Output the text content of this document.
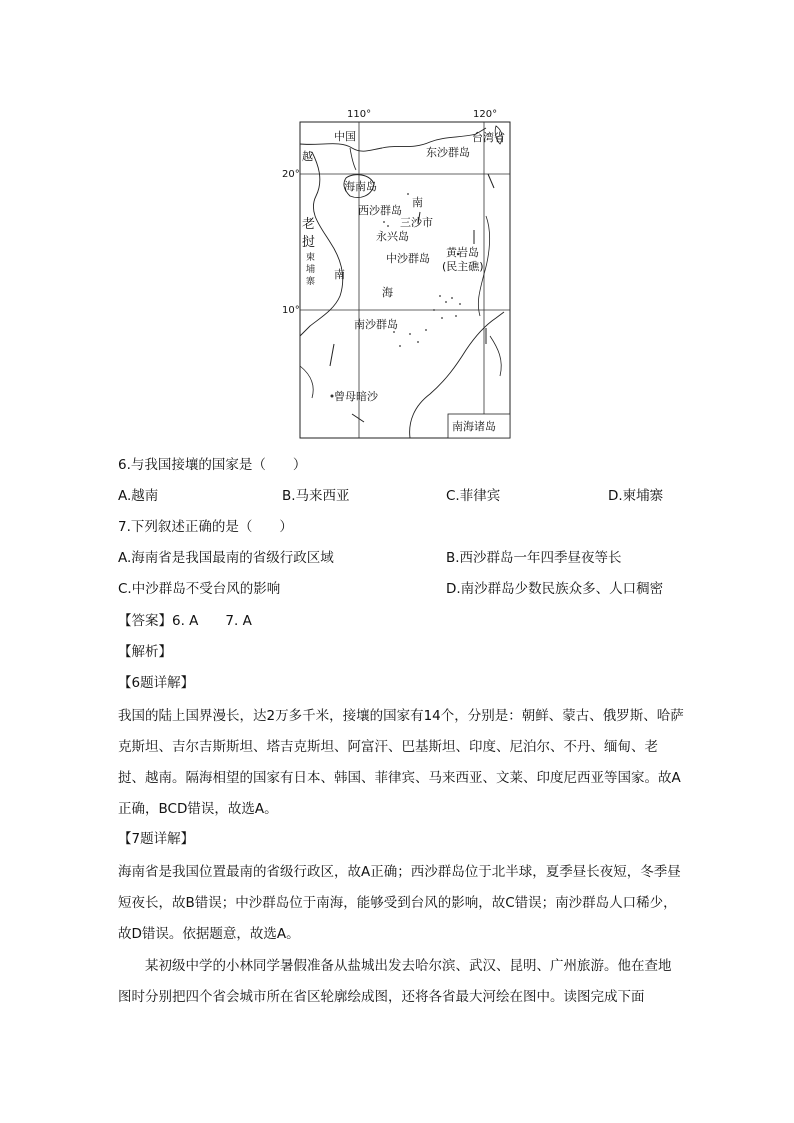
110°	120°
20°
10°
中国	台湾省
越	东沙群岛
海南岛
南
西沙群岛
三沙市
永兴岛
老
挝
柬
埔
寨
南
中沙群岛 黄岩岛
(民主礁)
海
南沙群岛
曾母暗沙
南海诸岛
6.与我国接壤的国家是（　　）
A.越南	B.马来西亚	C.菲律宾	D.柬埔寨
7.下列叙述正确的是（　　）
A.海南省是我国最南的省级行政区域	B.西沙群岛一年四季昼夜等长
C.中沙群岛不受台风的影响	D.南沙群岛少数民族众多、人口稠密
【答案】6. A　　7. A
【解析】
【6题详解】
我国的陆上国界漫长，达2万多千米，接壤的国家有14个，分别是：朝鲜、蒙古、俄罗斯、哈萨克斯坦、吉尔吉斯斯坦、塔吉克斯坦、阿富汗、巴基斯坦、印度、尼泊尔、不丹、缅甸、老挝、越南。隔海相望的国家有日本、韩国、菲律宾、马来西亚、文莱、印度尼西亚等国家。故A正确，BCD错误，故选A。
【7题详解】
海南省是我国位置最南的省级行政区，故A正确；西沙群岛位于北半球，夏季昼长夜短，冬季昼短夜长，故B错误；中沙群岛位于南海，能够受到台风的影响，故C错误；南沙群岛人口稀少，故D错误。依据题意，故选A。
　　某初级中学的小林同学暑假准备从盐城出发去哈尔滨、武汉、昆明、广州旅游。他在查地图时分别把四个省会城市所在省区轮廓绘成图，还将各省最大河绘在图中。读图完成下面
